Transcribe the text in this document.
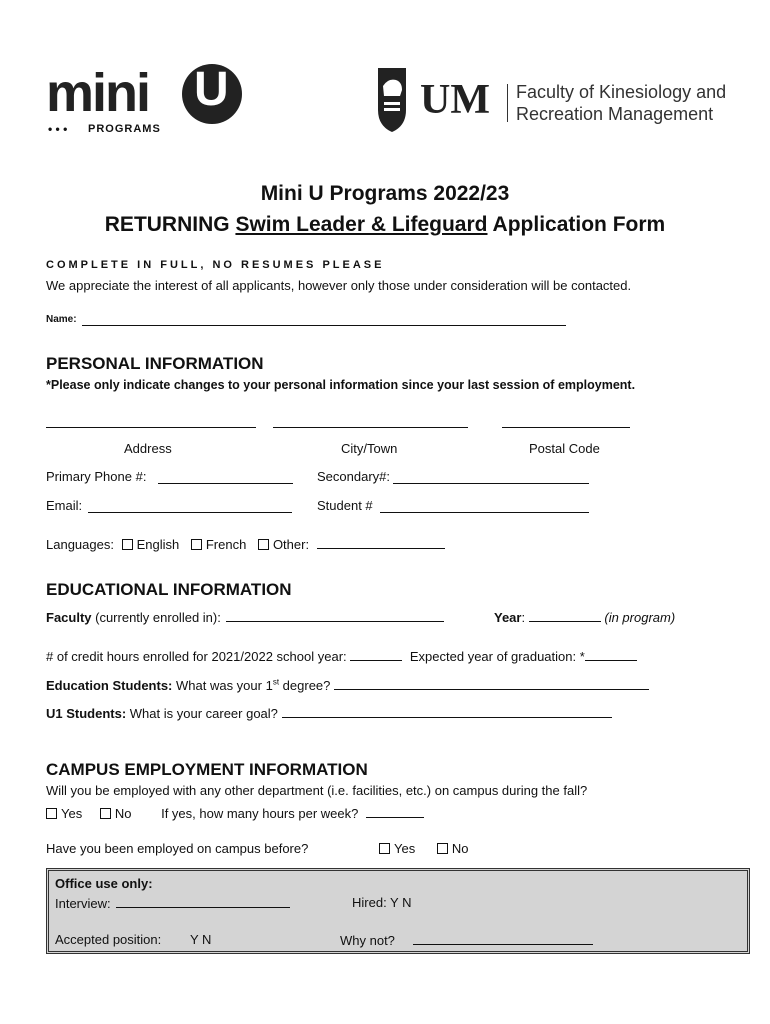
mini U
• • • PROGRAMS
UM Faculty of Kinesiology and
Recreation Management
Mini U Programs 2022/23
RETURNING Swim Leader & Lifeguard Application Form
COMPLETE IN FULL, NO RESUMES PLEASE
We appreciate the interest of all applicants, however only those under consideration will be contacted.
Name:
PERSONAL INFORMATION
*Please only indicate changes to your personal information since your last session of employment.
Address	City/Town	Postal Code
Primary Phone #:	Secondary#:
Email:	Student #
Languages: English French Other:
EDUCATIONAL INFORMATION
Faculty (currently enrolled in):	Year:	(in program)
# of credit hours enrolled for 2021/2022 school year:	Expected year of graduation: *
Education Students: What was your 1st degree?
U1 Students: What is your career goal?
CAMPUS EMPLOYMENT INFORMATION
Will you be employed with any other department (i.e. facilities, etc.) on campus during the fall?
Yes	No If yes, how many hours per week?
Have you been employed on campus before?	Yes	No
Office use only:
Interview:	Hired: Y N
Accepted position: Y N	Why not?
